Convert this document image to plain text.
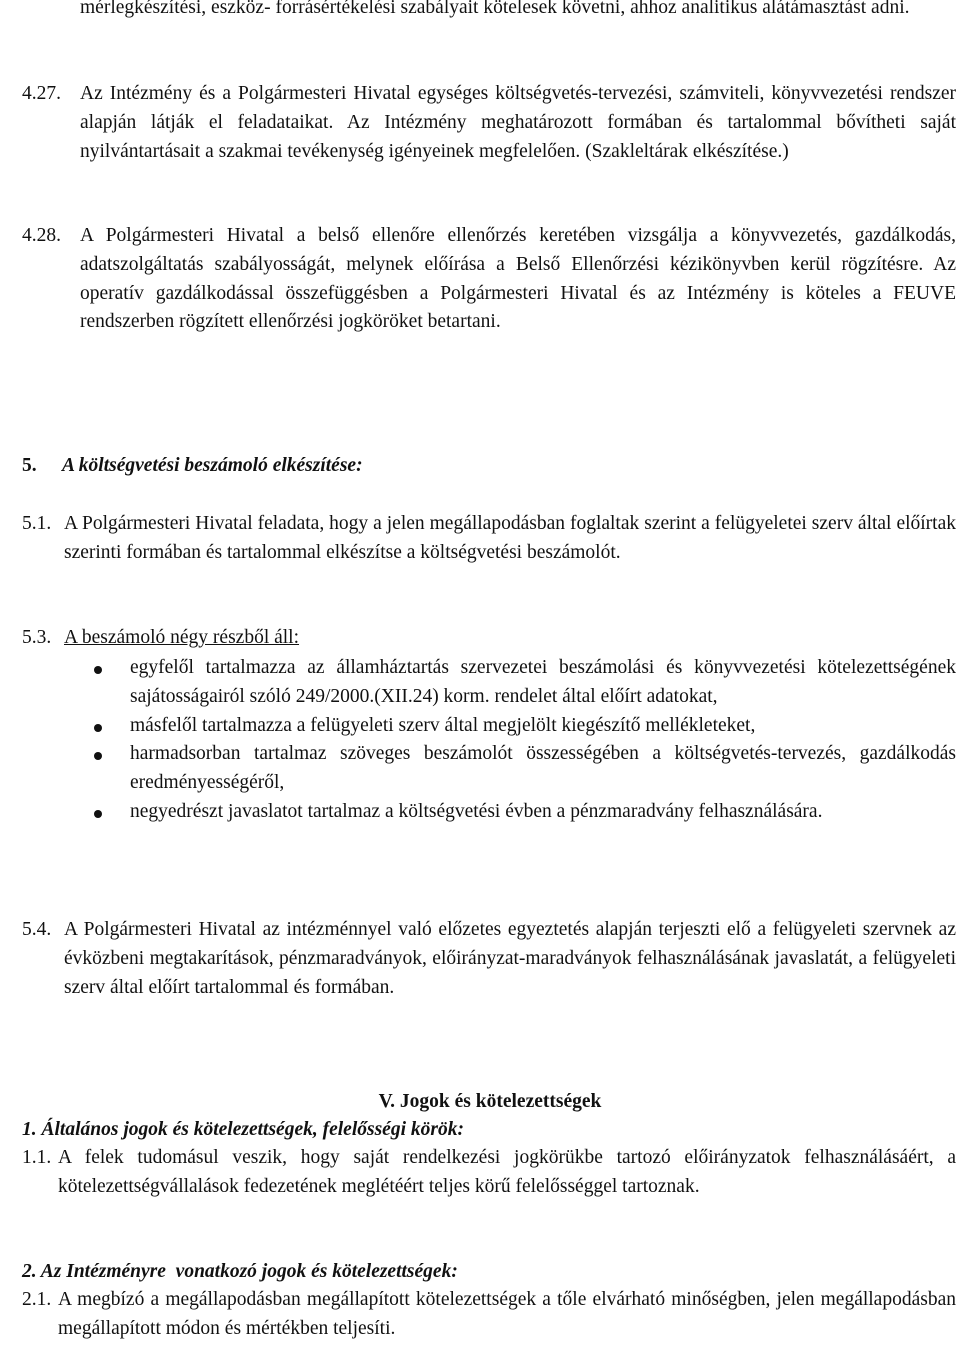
mérlegkészítési, eszköz- forrásértékelési szabályait kötelesek követni, ahhoz analitikus alátámasztást adni.

4.27. Az Intézmény és a Polgármesteri Hivatal egységes költségvetés-tervezési, számviteli, könyvvezetési rendszer alapján látják el feladataikat. Az Intézmény meghatározott formában és tartalommal bővítheti saját nyilvántartásait a szakmai tevékenység igényeinek megfelelően. (Szakleltárak elkészítése.)

4.28. A Polgármesteri Hivatal a belső ellenőre ellenőrzés keretében vizsgálja a könyvvezetés, gazdálkodás, adatszolgáltatás szabályosságát, melynek előírása a Belső Ellenőrzési kézikönyvben kerül rögzítésre. Az operatív gazdálkodással összefüggésben a Polgármesteri Hivatal és az Intézmény is köteles a FEUVE rendszerben rögzített ellenőrzési jogköröket betartani.

5.	A költségvetési beszámoló elkészítése:
5.1. A Polgármesteri Hivatal feladata, hogy a jelen megállapodásban foglaltak szerint a felügyeletei szerv által előírtak szerinti formában és tartalommal elkészítse a költségvetési beszámolót.

5.3. A beszámoló négy részből áll:
egyfelől tartalmazza az államháztartás szervezetei beszámolási és könyvvezetési kötelezettségének sajátosságairól szóló 249/2000.(XII.24) korm. rendelet által előírt adatokat,
másfelől tartalmazza a felügyeleti szerv által megjelölt kiegészítő mellékleteket,
harmadsorban tartalmaz szöveges beszámolót összességében a költségvetés-tervezés, gazdálkodás eredményességéről,
negyedrészt javaslatot tartalmaz a költségvetési évben a pénzmaradvány felhasználására.
5.4. A Polgármesteri Hivatal az intézménnyel való előzetes egyeztetés alapján terjeszti elő a felügyeleti szervnek az évközbeni megtakarítások, pénzmaradványok, előirányzat-maradványok felhasználásának javaslatát, a felügyeleti szerv által előírt tartalommal és formában.

V. Jogok és kötelezettségek
1. Általános jogok és kötelezettségek, felelősségi körök:
1.1. A felek tudomásul veszik, hogy saját rendelkezési jogkörükbe tartozó előirányzatok felhasználásáért, a kötelezettségvállalások fedezetének meglétéért teljes körű felelősséggel tartoznak.

2. Az Intézményre  vonatkozó jogok és kötelezettségek:
2.1. A megbízó a megállapodásban megállapított kötelezettségek a tőle elvárható minőségben, jelen megállapodásban megállapított módon és mértékben teljesíti.
